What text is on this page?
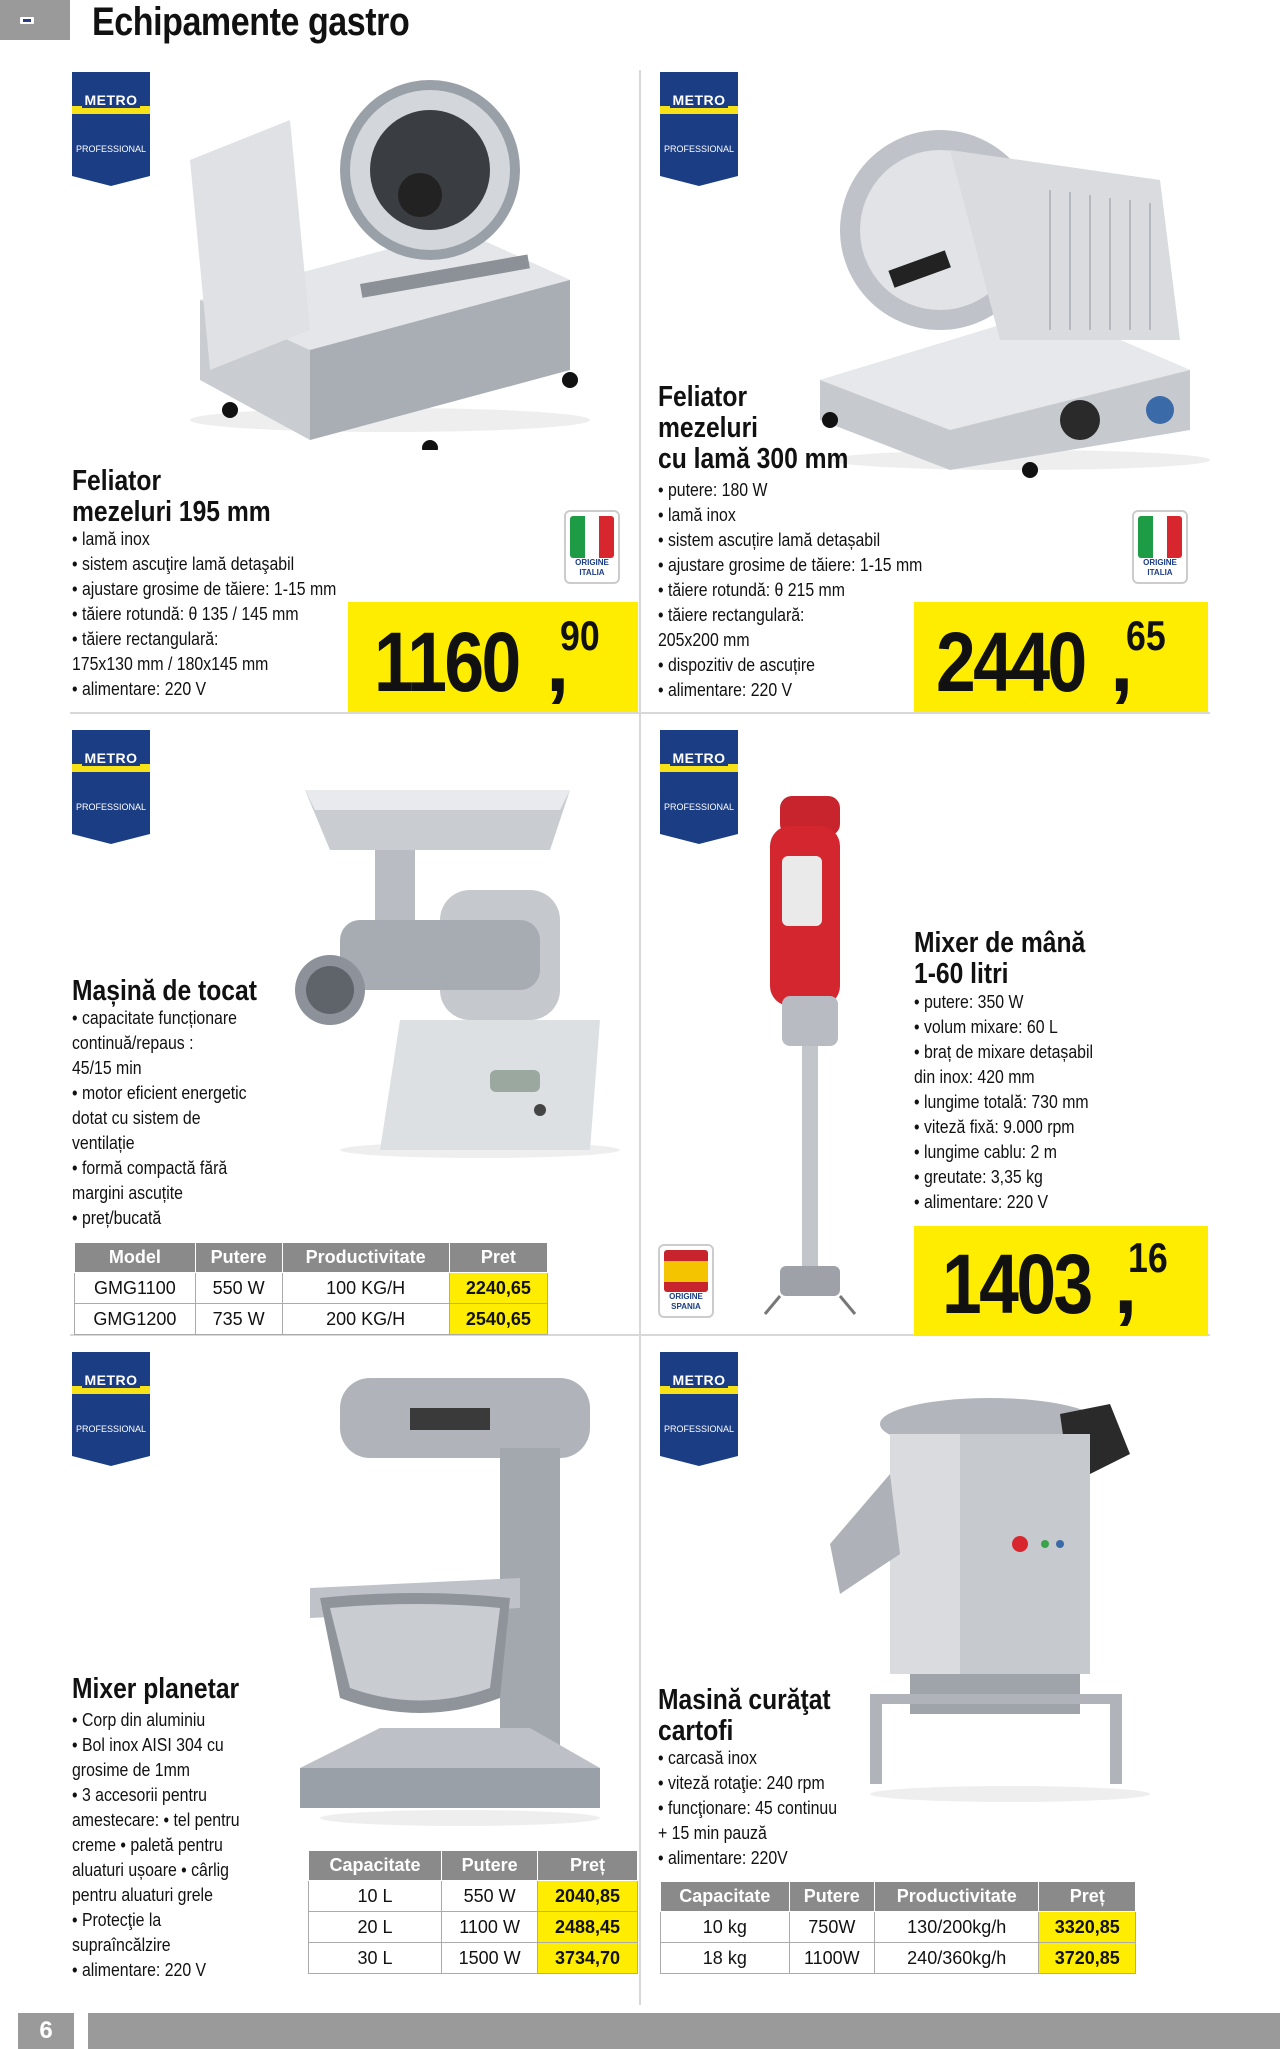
Echipamente gastro
METRO
PROFESSIONAL
Feliator
mezeluri 195 mm
• lamă inox
• sistem ascuţire lamă detaşabil
• ajustare grosime de tăiere: 1-15 mm
• tăiere rotundă: θ 135 / 145 mm
• tăiere rectangulară:
175x130 mm / 180x145 mm
• alimentare: 220 V
ORIGINE
ITALIA
1160 ,
90
METRO
PROFESSIONAL
Feliator
mezeluri
cu lamă 300 mm
• putere: 180 W
• lamă inox
• sistem ascuțire lamă detașabil
• ajustare grosime de tăiere: 1-15 mm
• tăiere rotundă: θ 215 mm
• tăiere rectangulară:
205x200 mm
• dispozitiv de ascuțire
• alimentare: 220 V
ORIGINE
ITALIA
2440 ,
65
METRO
PROFESSIONAL
Mașină de tocat
• capacitate funcționare
continuă/repaus :
45/15 min
• motor eficient energetic
dotat cu sistem de
ventilație
• formă compactă fără
margini ascuțite
• preț/bucată
Model	Putere	Productivitate	Pret
GMG1100	550 W	100 KG/H	2240,65
GMG1200	735 W	200 KG/H	2540,65
METRO
PROFESSIONAL
Mixer de mână
1-60 litri
• putere: 350 W
• volum mixare: 60 L
• braț de mixare detașabil
din inox: 420 mm
• lungime totală: 730 mm
• viteză fixă: 9.000 rpm
• lungime cablu: 2 m
• greutate: 3,35 kg
• alimentare: 220 V
ORIGINE
SPANIA	1403 ,
16
METRO
PROFESSIONAL
Mixer planetar
• Corp din aluminiu
• Bol inox AISI 304 cu
grosime de 1mm
• 3 accesorii pentru
amestecare: • tel pentru
creme • paletă pentru
aluaturi ușoare • cârlig
pentru aluaturi grele
• Protecţie la
supraîncălzire
• alimentare: 220 V
Capacitate	Putere	Preț
10 L	550 W	2040,85
20 L	1100 W	2488,45
30 L	1500 W	3734,70
METRO
PROFESSIONAL
Masină curăţat
cartofi
• carcasă inox
• viteză rotaţie: 240 rpm
• funcţionare: 45 continuu
+ 15 min pauză
• alimentare: 220V
Capacitate	Putere	Productivitate	Preț
10 kg	750W	130/200kg/h	3320,85
18 kg	1100W	240/360kg/h	3720,85
6
